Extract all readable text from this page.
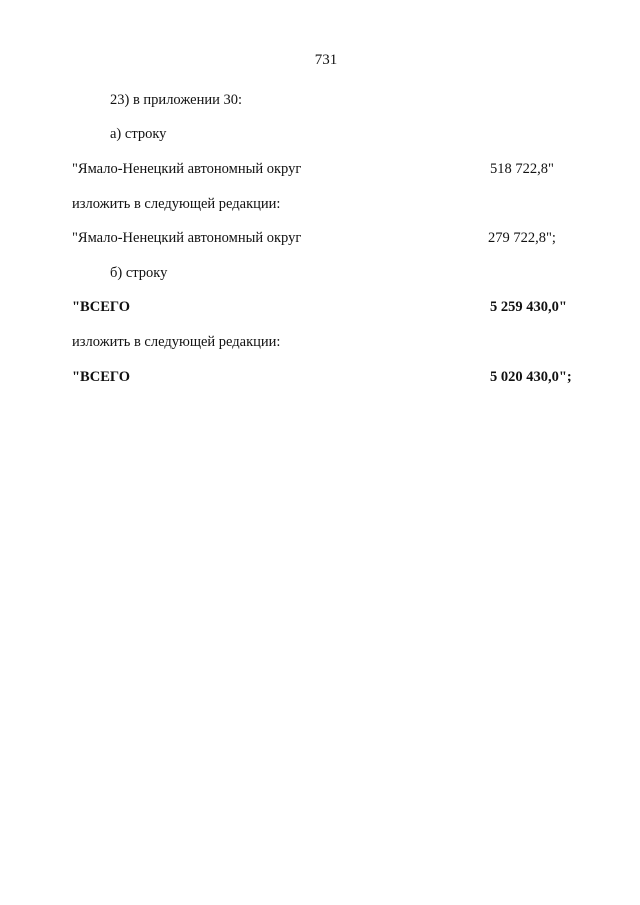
731
23) в приложении 30:
а) строку
"Ямало-Ненецкий автономный округ	518 722,8"
изложить в следующей редакции:
"Ямало-Ненецкий автономный округ	279 722,8";
б) строку
"ВСЕГО	5 259 430,0"
изложить в следующей редакции:
"ВСЕГО	5 020 430,0";
